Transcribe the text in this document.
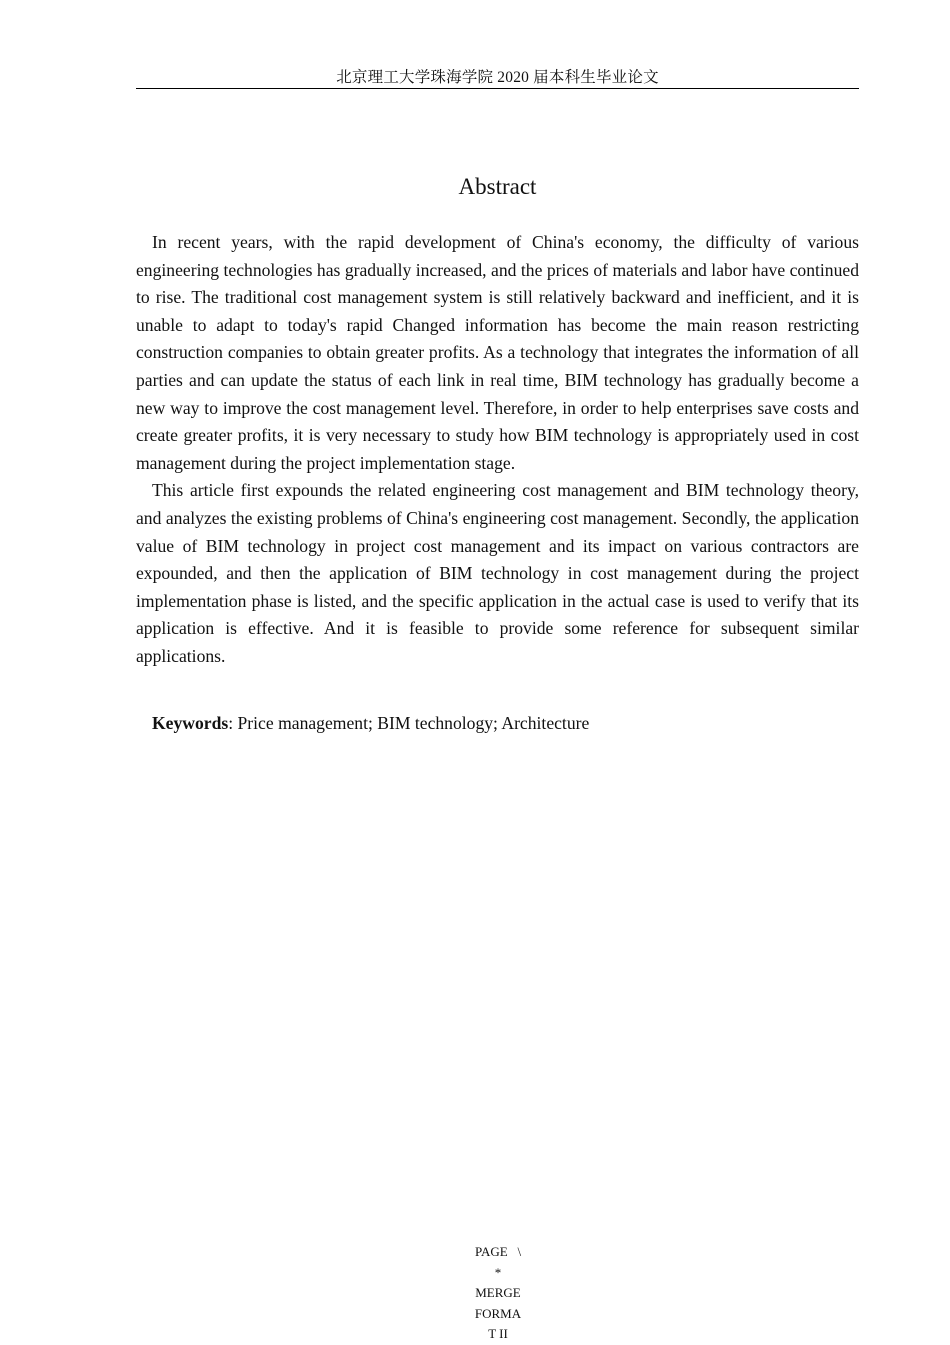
北京理工大学珠海学院 2020 届本科生毕业论文
Abstract

In recent years, with the rapid development of China's economy, the difficulty of various engineering technologies has gradually increased, and the prices of materials and labor have continued to rise. The traditional cost management system is still relatively backward and inefficient, and it is unable to adapt to today's rapid Changed information has become the main reason restricting construction companies to obtain greater profits. As a technology that integrates the information of all parties and can update the status of each link in real time, BIM technology has gradually become a new way to improve the cost management level. Therefore, in order to help enterprises save costs and create greater profits, it is very necessary to study how BIM technology is appropriately used in cost management during the project implementation stage.

This article first expounds the related engineering cost management and BIM technology theory, and analyzes the existing problems of China's engineering cost management. Secondly, the application value of BIM technology in project cost management and its impact on various contractors are expounded, and then the application of BIM technology in cost management during the project implementation phase is listed, and the specific application in the actual case is used to verify that its application is effective. And it is feasible to provide some reference for subsequent similar applications.

Keywords: Price management; BIM technology; Architecture
PAGE   \
*
MERGE
FORMA
T II
